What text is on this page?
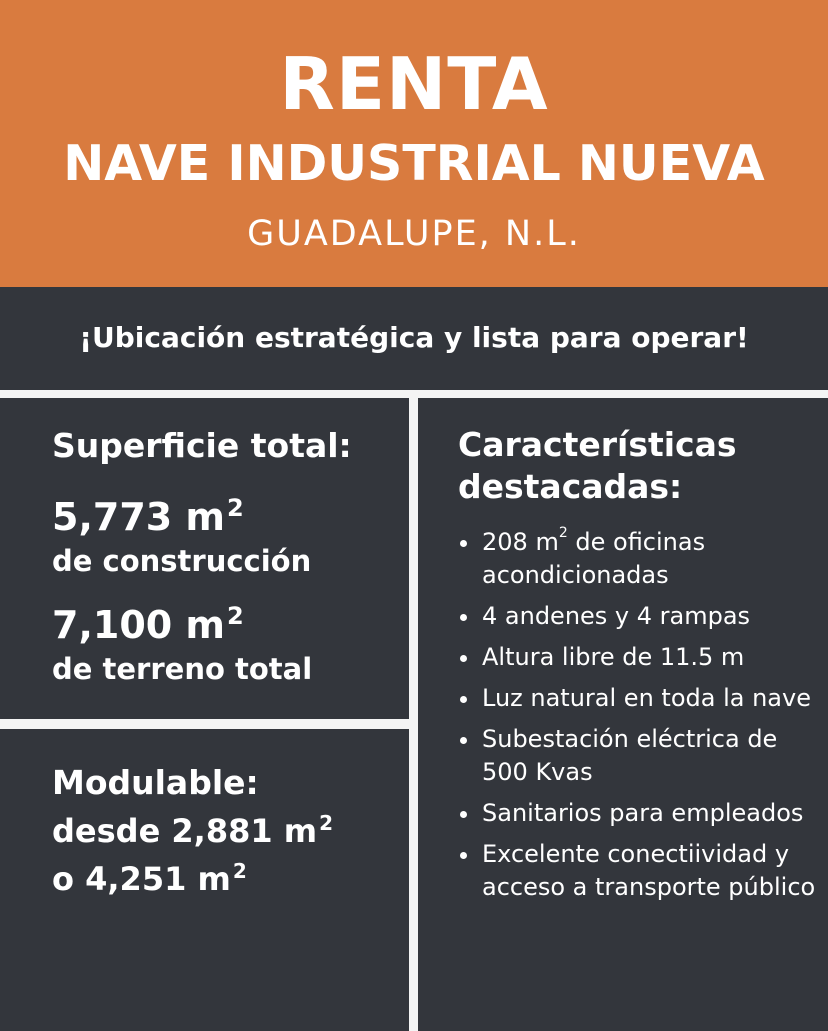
RENTA
NAVE INDUSTRIAL NUEVA
GUADALUPE, N.L.
¡Ubicación estratégica y lista para operar!
Superficie total:
5,773 $m^2$
de construcción
7,100 $m^2$
de terreno total
Modulable:
desde 2,881 m $^2$
o 4,251 m $^2$
Características
destacadas:
208 $m^2$ de oficinas acondicionadas
4 andenes y 4 rampas
Altura libre de 11.5 m
Luz natural en toda la nave
Subestación eléctrica de 500 Kvas
Sanitarios para empleados
Excelente conectiividad y acceso a transporte público
